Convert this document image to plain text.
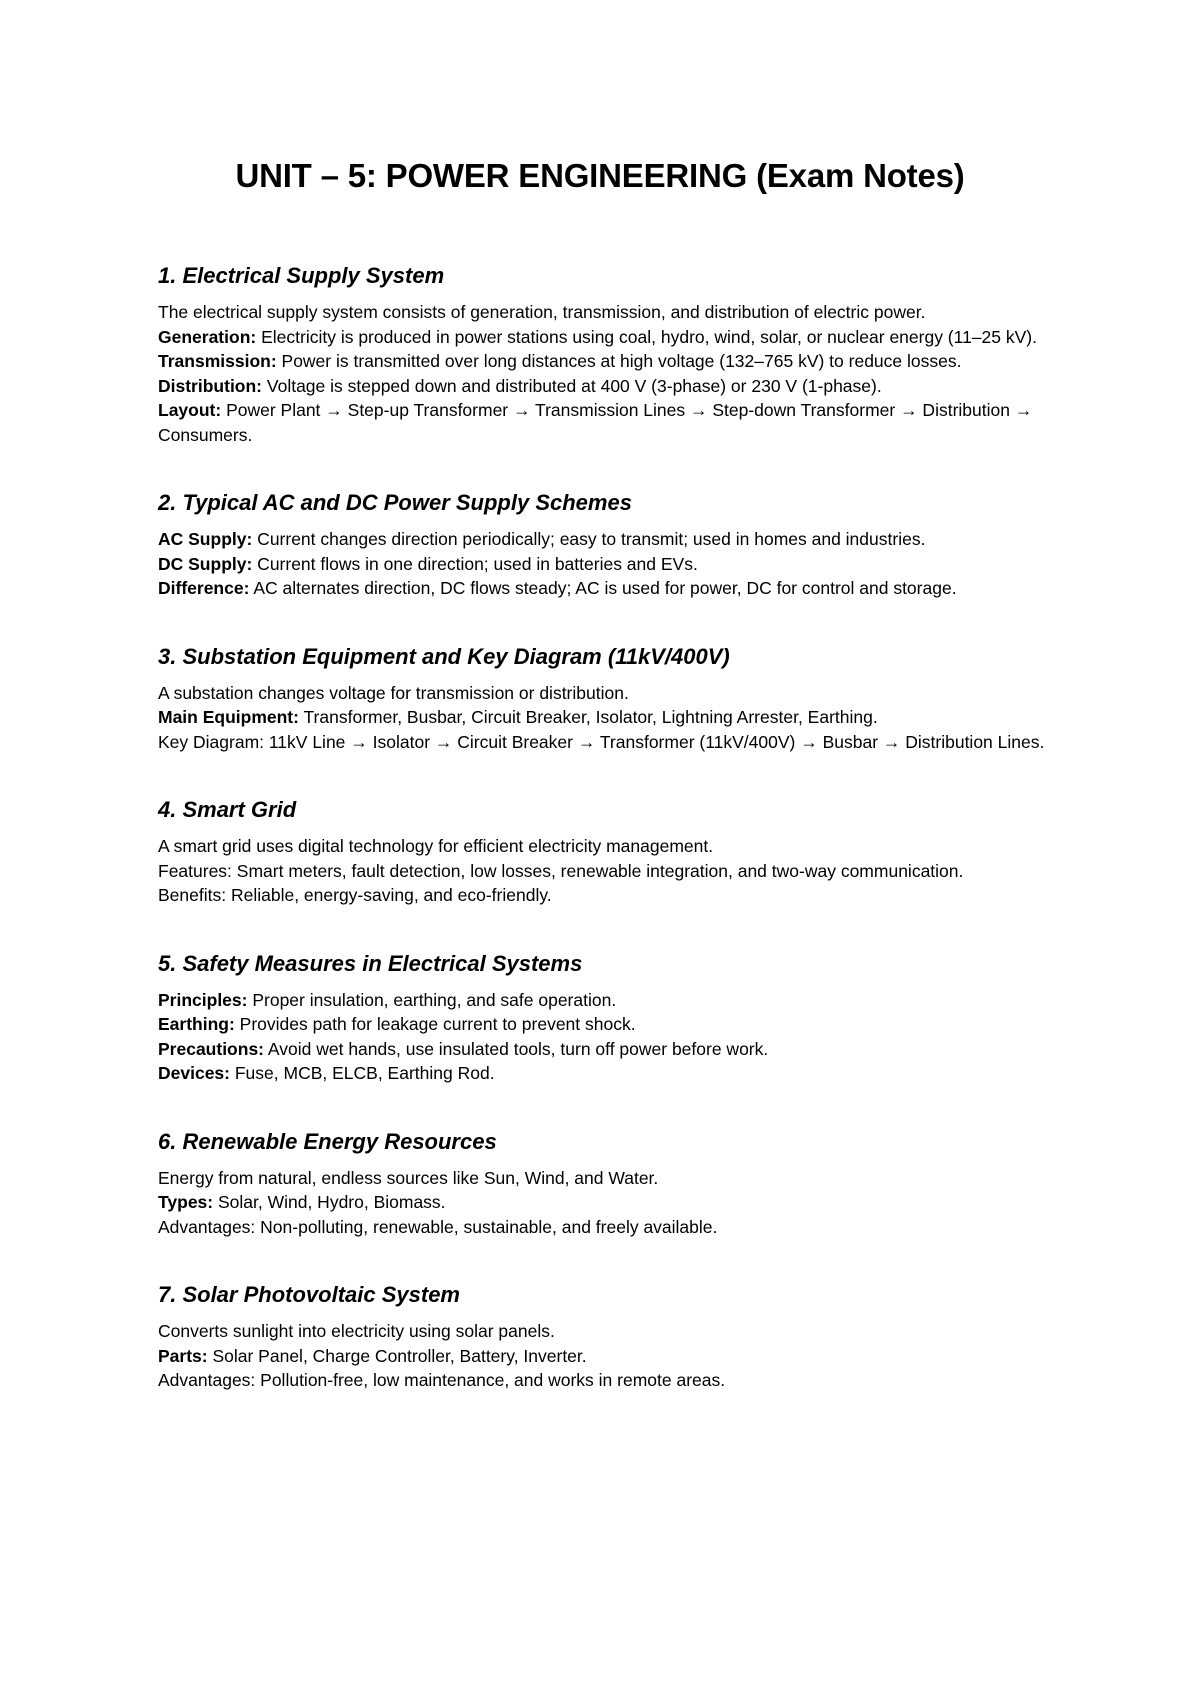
UNIT – 5: POWER ENGINEERING (Exam Notes)
1. Electrical Supply System

The electrical supply system consists of generation, transmission, and distribution of electric power.

Generation: Electricity is produced in power stations using coal, hydro, wind, solar, or nuclear energy (11–25 kV).

Transmission: Power is transmitted over long distances at high voltage (132–765 kV) to reduce losses.

Distribution: Voltage is stepped down and distributed at 400 V (3-phase) or 230 V (1-phase).

Layout: Power Plant → Step-up Transformer → Transmission Lines → Step-down Transformer → Distribution → Consumers.

2. Typical AC and DC Power Supply Schemes

AC Supply: Current changes direction periodically; easy to transmit; used in homes and industries.

DC Supply: Current flows in one direction; used in batteries and EVs.

Difference: AC alternates direction, DC flows steady; AC is used for power, DC for control and storage.

3. Substation Equipment and Key Diagram (11kV/400V)

A substation changes voltage for transmission or distribution.

Main Equipment: Transformer, Busbar, Circuit Breaker, Isolator, Lightning Arrester, Earthing.

Key Diagram: 11kV Line → Isolator → Circuit Breaker → Transformer (11kV/400V) → Busbar → Distribution Lines.

4. Smart Grid

A smart grid uses digital technology for efficient electricity management.

Features: Smart meters, fault detection, low losses, renewable integration, and two-way communication.

Benefits: Reliable, energy-saving, and eco-friendly.

5. Safety Measures in Electrical Systems

Principles: Proper insulation, earthing, and safe operation.

Earthing: Provides path for leakage current to prevent shock.

Precautions: Avoid wet hands, use insulated tools, turn off power before work.

Devices: Fuse, MCB, ELCB, Earthing Rod.

6. Renewable Energy Resources

Energy from natural, endless sources like Sun, Wind, and Water.

Types: Solar, Wind, Hydro, Biomass.

Advantages: Non-polluting, renewable, sustainable, and freely available.

7. Solar Photovoltaic System

Converts sunlight into electricity using solar panels.

Parts: Solar Panel, Charge Controller, Battery, Inverter.

Advantages: Pollution-free, low maintenance, and works in remote areas.
